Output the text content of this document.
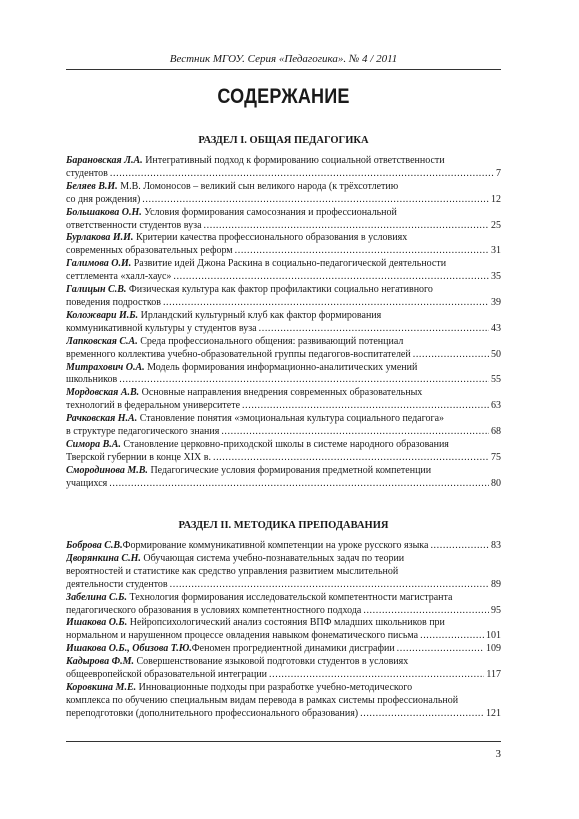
Вестник МГОУ. Серия «Педагогика». № 4 / 2011
СОДЕРЖАНИЕ
РАЗДЕЛ I. ОБЩАЯ ПЕДАГОГИКА
Барановская Л.А. Интегративный подход к формированию социальной ответственности
студентов .....	7
Беляев В.И. М.В. Ломоносов – великий сын великого народа (к трёхсотлетию
со дня рождения) .....	12
Большакова О.Н. Условия формирования самосознания и профессиональной
ответственности студентов вуза .....	25
Бурлакова И.И. Критерии качества профессионального образования в условиях
современных образовательных реформ .....	31
Галимова О.И. Развитие идей Джона Раскина в социально-педагогической деятельности
сеттлемента «халл-хаус» .....	35
Галицын С.В. Физическая культура как фактор профилактики социально негативного
поведения подростков .....	39
Коложвари И.Б. Ирландский культурный клуб как фактор формирования
коммуникативной культуры у студентов вуза .....	43
Лапковская С.А. Среда профессионального общения: развивающий потенциал
временного коллектива учебно-образовательной группы педагогов-воспитателей .....	50
Митрахович О.А. Модель формирования информационно-аналитических умений
школьников .....	55
Мордовская А.В. Основные направления внедрения современных образовательных
технологий в федеральном университете .....	63
Рачковская Н.А. Становление понятия «эмоциональная культура социального педагога»
в структуре педагогического знания .....	68
Симора В.А. Становление церковно-приходской школы в системе народного образования
Тверской губернии в конце XIX в. .....	75
Смородинова М.В. Педагогические условия формирования предметной компетенции
учащихся .....	80
РАЗДЕЛ II. МЕТОДИКА ПРЕПОДАВАНИЯ
Боброва С.В. Формирование коммуникативной компетенции на уроке русского языка .....	83
Дворянкина С.Н. Обучающая система учебно-познавательных задач по теории
вероятностей и статистике как средство управления развитием мыслительной
деятельности студентов .....	89
Забелина С.Б. Технология формирования исследовательской компетентности магистранта
педагогического образования в условиях компетентностного подхода .....	95
Ишакова О.Б. Нейропсихологический анализ состояния ВПФ младших школьников при
нормальном и нарушенном процессе овладения навыком фонематического письма .....	101
Ишакова О.Б., Обизова Т.Ю. Феномен прогредиентной динамики дисграфии .....	109
Кадырова Ф.М. Совершенствование языковой подготовки студентов в условиях
общеевропейской образовательной интеграции .....	117
Коровкина М.Е. Инновационные подходы при разработке учебно-методического
комплекса по обучению специальным видам перевода в рамках системы профессиональной
переподготовки (дополнительного профессионального образования) .....	121
3
